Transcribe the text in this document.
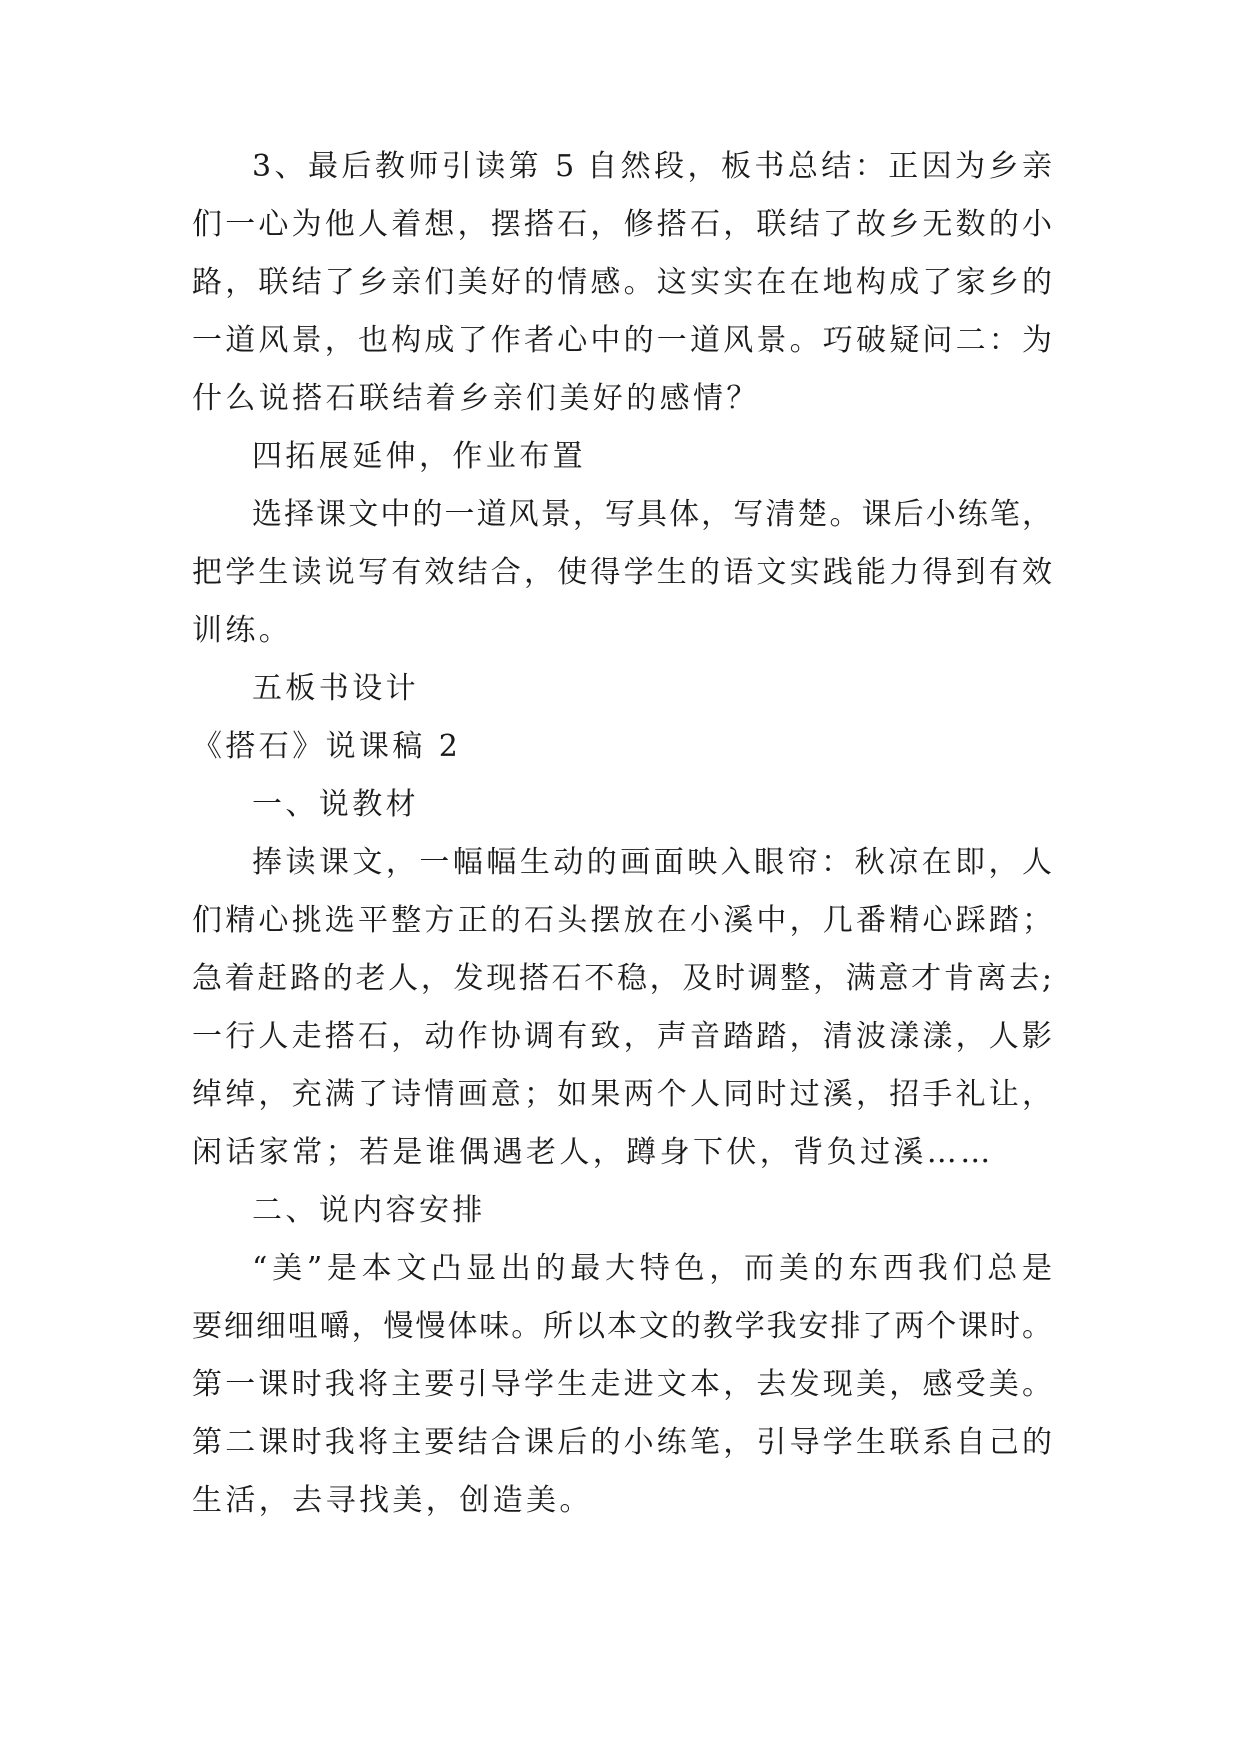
3、最后教师引读第 5 自然段，板书总结：正因为乡亲
们一心为他人着想，摆搭石，修搭石，联结了故乡无数的小
路，联结了乡亲们美好的情感。这实实在在地构成了家乡的
一道风景，也构成了作者心中的一道风景。巧破疑问二：为
什么说搭石联结着乡亲们美好的感情？
四拓展延伸，作业布置
选择课文中的一道风景，写具体，写清楚。课后小练笔，
把学生读说写有效结合，使得学生的语文实践能力得到有效
训练。
五板书设计
《搭石》说课稿 2
一、说教材
捧读课文，一幅幅生动的画面映入眼帘：秋凉在即，人
们精心挑选平整方正的石头摆放在小溪中，几番精心踩踏；
急着赶路的老人，发现搭石不稳，及时调整，满意才肯离去;
一行人走搭石，动作协调有致，声音踏踏，清波漾漾，人影
绰绰，充满了诗情画意；如果两个人同时过溪，招手礼让，
闲话家常；若是谁偶遇老人，蹲身下伏，背负过溪……
二、说内容安排
“美”是本文凸显出的最大特色，而美的东西我们总是
要细细咀嚼，慢慢体味。所以本文的教学我安排了两个课时。
第一课时我将主要引导学生走进文本，去发现美，感受美。
第二课时我将主要结合课后的小练笔，引导学生联系自己的
生活，去寻找美，创造美。
